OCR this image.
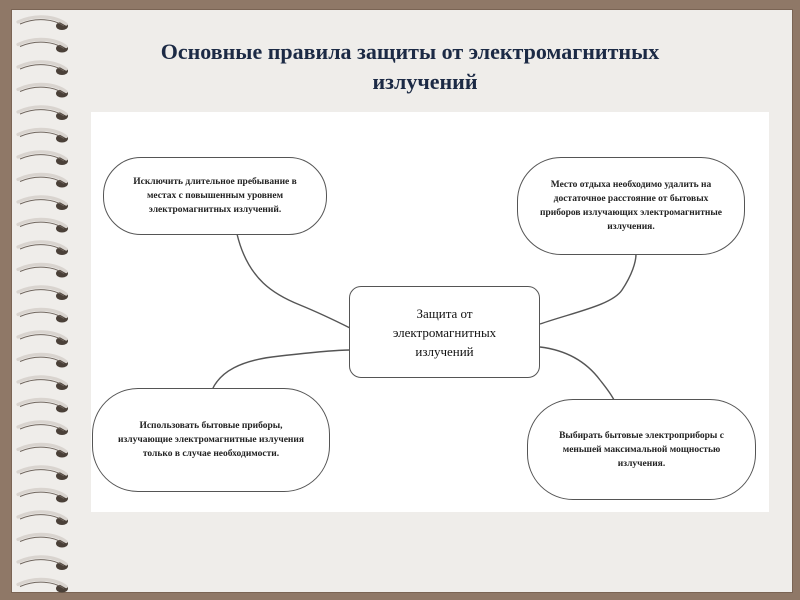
Основные правила защиты от электромагнитных
излучений
Исключить длительное пребывание в местах с повышенным уровнем электромагнитных излучений.
Место отдыха необходимо удалить на достаточное расстояние от бытовых приборов излучающих электромагнитные излучения.
Защита от электромагнитных излучений
Использовать бытовые приборы, излучающие электромагнитные излучения только в случае необходимости.
Выбирать бытовые электроприборы с меньшей максимальной мощностью излучения.
